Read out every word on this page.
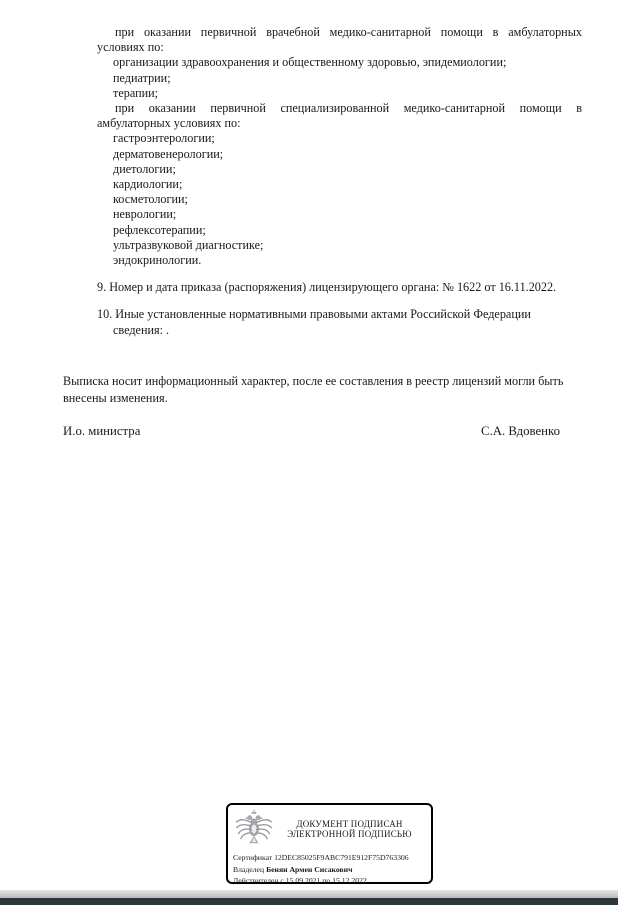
при оказании первичной врачебной медико-санитарной помощи в амбулаторных условиях по:

организации здравоохранения и общественному здоровью, эпидемиологии;
педиатрии;
терапии;

при оказании первичной специализированной медико-санитарной помощи в амбулаторных условиях по:

гастроэнтерологии;
дерматовенерологии;
диетологии;
кардиологии;
косметологии;
неврологии;
рефлексотерапии;
ультразвуковой диагностике;
эндокринологии.

9. Номер и дата приказа (распоряжения) лицензирующего органа: № 1622 от 16.11.2022.

10. Иные установленные нормативными правовыми актами Российской Федерации
сведения: .

Выписка носит информационный характер, после ее составления в реестр лицензий могли быть внесены изменения.

И.о. министра	С.А. Вдовенко
ДОКУМЕНТ ПОДПИСАН
ЭЛЕКТРОННОЙ ПОДПИСЬЮ
Сертификат 12DEC85025F9ABC791E912F75D763306
Владелец Бенян Армен Сисакович
Действителен с 15.09.2021 по 15.12.2022
